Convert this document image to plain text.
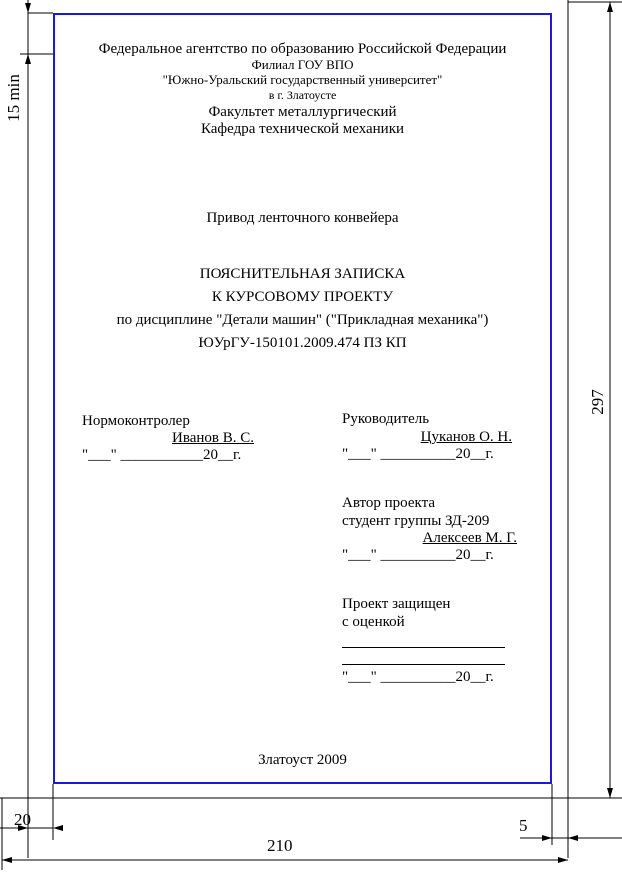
15 min
20	5
210
297
Федеральное агентство по образованию Российской Федерации
Филиал ГОУ ВПО
"Южно-Уральский государственный университет"
в г. Златоусте
Факультет металлургический
Кафедра технической механики
Привод ленточного конвейера
ПОЯСНИТЕЛЬНАЯ ЗАПИСКА
К КУРСОВОМУ ПРОЕКТУ
по дисциплине "Детали машин" ("Прикладная механика")
ЮУрГУ-150101.2009.474 ПЗ КП
Нормоконтролер
Иванов В. С.
"___" ___________20__г.
Руководитель
Цуканов О. Н.
"___" __________20__г.
Автор проекта
студент группы ЗД-209
Алексеев М. Г.
"___" __________20__г.
Проект защищен
с оценкой
"___" __________20__г.
Златоуст 2009
